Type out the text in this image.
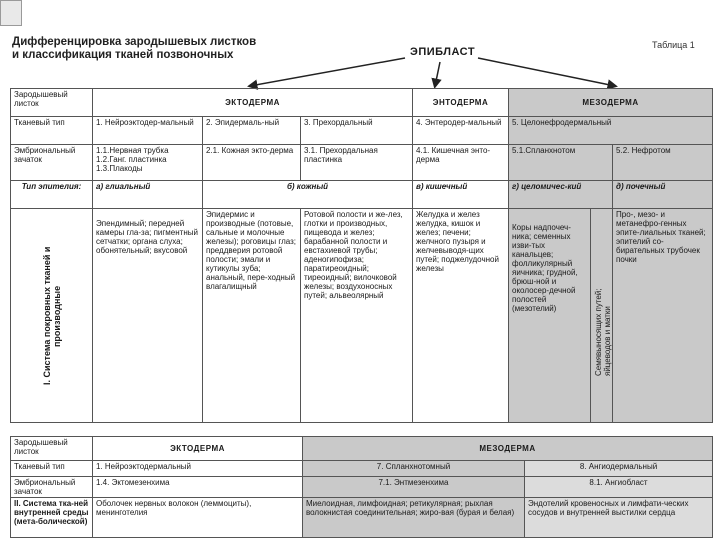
Дифференцировка зародышевых листков
и классификация тканей позвоночных
Таблица 1
ЭПИБЛАСТ
Зародышевый листок	ЭКТОДЕРМА			ЭНТОДЕРМА	МЕЗОДЕРМА		
Тканевый тип	1. Нейроэктодер-мальный	2. Эпидермаль-ный	3. Прехордальный	4. Энтеродер-мальный	5. Целонефродермальный		
Эмбриональный зачаток	1.1.Нервная трубка 1.2.Ганг. пластинка 1.3.Плакоды	2.1. Кожная экто-дерма	3.1. Прехордальная пластинка	4.1. Кишечная энто-дерма	5.1.Спланхнотом		5.2. Нефротом
Тип эпителия:	а) глиальный	б) кожный		в) кишечный	г) целомичес-кий		д) почечный

I. Система покровных тканей и производные	Эпендимный; передней камеры гла-за; пигментный сетчатки; органа слуха; обонятельный; вкусовой	Эпидермис и производные (потовые, сальные и молочные железы); роговицы глаз; преддверия ротовой полости; эмали и кутикулы зуба; анальный, пере-ходный влагалищный	Ротовой полости и же-лез, глотки и производных, пищевода и желез; барабанной полости и евстахиевой трубы; аденогипофиза; паратиреоидный; тиреоидный; вилочковой железы; воздухоносных путей; альвеолярный	Желудка и желез желудка, кишок и желез; печени; желчного пузыря и желчевыводя-щих путей; поджелудочной железы	Коры надпочеч-ника; семенных изви-тых канальцев; фолликулярный яичника; грудной, брюш-ной и околосер-дечной полостей (мезотелий)	Семявыносящих путей; яйцеводов и матки	Про-, мезо- и метанефро-генных эпите-лиальных тканей; эпителий со-бирательных трубочек почки
Зародышевый листок	ЭКТОДЕРМА	МЕЗОДЕРМА	
Тканевый тип	1. Нейроэктодермальный	7. Спланхнотомный	8. Ангиодермальный
Эмбриональный зачаток	1.4. Эктомезенхима	7.1. Энтмезенхима	8.1. Ангиобласт
II. Система тка-ней внутренней среды (мета-болической)	Оболочек нервных волокон (леммоциты), менинготелия	Миелоидная, лимфоидная; ретикулярная; рыхлая волокнистая соединительная; жиро-вая (бурая и белая)	Эндотелий кровеносных и лимфати-ческих сосудов и внутренней выстилки сердца
